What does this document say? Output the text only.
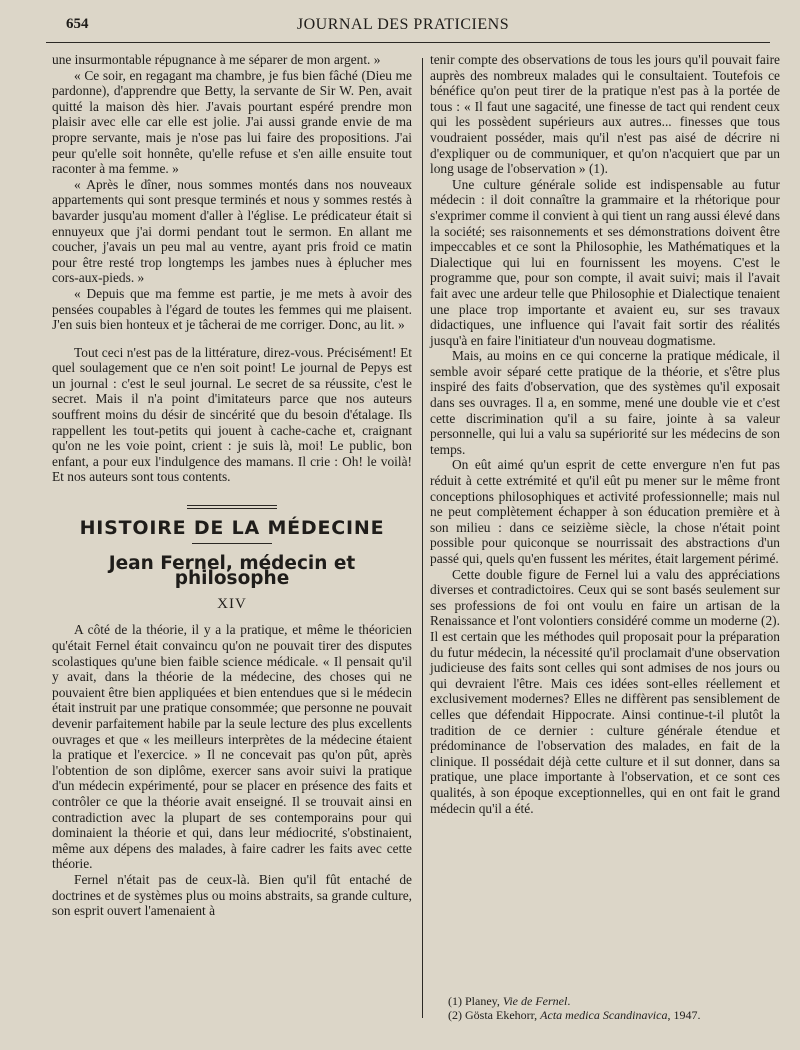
654	JOURNAL DES PRATICIENS

une insurmontable répugnance à me séparer de mon argent. »

« Ce soir, en regagant ma chambre, je fus bien fâché (Dieu me pardonne), d'apprendre que Betty, la servante de Sir W. Pen, avait quitté la maison dès hier. J'avais pourtant espéré prendre mon plaisir avec elle car elle est jolie. J'ai aussi grande envie de ma propre servante, mais je n'ose pas lui faire des propositions. J'ai peur qu'elle soit honnête, qu'elle refuse et s'en aille ensuite tout raconter à ma femme. »

« Après le dîner, nous sommes montés dans nos nouveaux appartements qui sont presque terminés et nous y sommes restés à bavarder jusqu'au moment d'aller à l'église. Le prédicateur était si ennuyeux que j'ai dormi pendant tout le sermon. En allant me coucher, j'avais un peu mal au ventre, ayant pris froid ce matin pour être resté trop longtemps les jambes nues à éplucher mes cors-aux-pieds. »

« Depuis que ma femme est partie, je me mets à avoir des pensées coupables à l'égard de toutes les femmes qui me plaisent. J'en suis bien honteux et je tâcherai de me corriger. Donc, au lit. »

Tout ceci n'est pas de la littérature, direz-vous. Précisément! Et quel soulagement que ce n'en soit point! Le journal de Pepys est un journal : c'est le seul journal. Le secret de sa réussite, c'est le secret. Mais il n'a point d'imitateurs parce que nos auteurs souffrent moins du désir de sincérité que du besoin d'étalage. Ils rappellent les tout-petits qui jouent à cache-cache et, craignant qu'on ne les voie point, crient : je suis là, moi! Le public, bon enfant, a pour eux l'indulgence des mamans. Il crie : Oh! le voilà! Et nos auteurs sont tous contents.

HISTOIRE DE LA MÉDECINE
Jean Fernel, médecin et philosophe
XIV

A côté de la théorie, il y a la pratique, et même le théoricien qu'était Fernel était convaincu qu'on ne pouvait tirer des disputes scolastiques qu'une bien faible science médicale. « Il pensait qu'il y avait, dans la théorie de la médecine, des choses qui ne pouvaient être bien appliquées et bien entendues que si le médecin était instruit par une pratique consommée; que personne ne pouvait devenir parfaitement habile par la seule lecture des plus excellents ouvrages et que « les meilleurs interprètes de la médecine étaient la pratique et l'exercice. » Il ne concevait pas qu'on pût, après l'obtention de son diplôme, exercer sans avoir suivi la pratique d'un médecin expérimenté, pour se placer en présence des faits et contrôler ce que la théorie avait enseigné. Il se trouvait ainsi en contradiction avec la plupart de ses contemporains pour qui dominaient la théorie et qui, dans leur médiocrité, s'obstinaient, même aux dépens des malades, à faire cadrer les faits avec cette théorie.

Fernel n'était pas de ceux-là. Bien qu'il fût entaché de doctrines et de systèmes plus ou moins abstraits, sa grande culture, son esprit ouvert l'amenaient à

tenir compte des observations de tous les jours qu'il pouvait faire auprès des nombreux malades qui le consultaient. Toutefois ce bénéfice qu'on peut tirer de la pratique n'est pas à la portée de tous : « Il faut une sagacité, une finesse de tact qui rendent ceux qui les possèdent supérieurs aux autres... finesses que tous voudraient posséder, mais qu'il n'est pas aisé de décrire ni d'expliquer ou de communiquer, et qu'on n'acquiert que par un long usage de l'observation » (1).

Une culture générale solide est indispensable au futur médecin : il doit connaître la grammaire et la rhétorique pour s'exprimer comme il convient à qui tient un rang aussi élevé dans la société; ses raisonnements et ses démonstrations doivent être impeccables et ce sont la Philosophie, les Mathématiques et la Dialectique qui lui en fournissent les moyens. C'est le programme que, pour son compte, il avait suivi; mais il l'avait fait avec une ardeur telle que Philosophie et Dialectique tenaient une place trop importante et avaient eu, sur ses travaux didactiques, une influence qui l'avait fait sortir des réalités jusqu'à en faire l'initiateur d'un nouveau dogmatisme.

Mais, au moins en ce qui concerne la pratique médicale, il semble avoir séparé cette pratique de la théorie, et s'être plus inspiré des faits d'observation, que des systèmes qu'il exposait dans ses ouvrages. Il a, en somme, mené une double vie et c'est cette discrimination qu'il a su faire, jointe à sa valeur personnelle, qui lui a valu sa supériorité sur les médecins de son temps.

On eût aimé qu'un esprit de cette envergure n'en fut pas réduit à cette extrémité et qu'il eût pu mener sur le même front conceptions philosophiques et activité professionnelle; mais nul ne peut complètement échapper à son éducation première et à son milieu : dans ce seizième siècle, la chose n'était point possible pour quiconque se nourrissait des abstractions d'un passé qui, quels qu'en fussent les mérites, était largement périmé.

Cette double figure de Fernel lui a valu des appréciations diverses et contradictoires. Ceux qui se sont basés seulement sur ses professions de foi ont voulu en faire un artisan de la Renaissance et l'ont volontiers considéré comme un moderne (2). Il est certain que les méthodes quil proposait pour la préparation du futur médecin, la nécessité qu'il proclamait d'une observation judicieuse des faits sont celles qui sont admises de nos jours ou qui devraient l'être. Mais ces idées sont-elles réellement et exclusivement modernes? Elles ne diffèrent pas sensiblement de celles que défendait Hippocrate. Ainsi continue-t-il plutôt la tradition de ce dernier : culture générale étendue et prédominance de l'observation des malades, en fait de la clinique. Il possédait déjà cette culture et il sut donner, dans sa pratique, une place importante à l'observation, et ce sont ces qualités, à son époque exceptionnelles, qui en ont fait le grand médecin qu'il a été.

(1) Planey, Vie de Fernel.

(2) Gösta Ekehorr, Acta medica Scandinavica, 1947.
